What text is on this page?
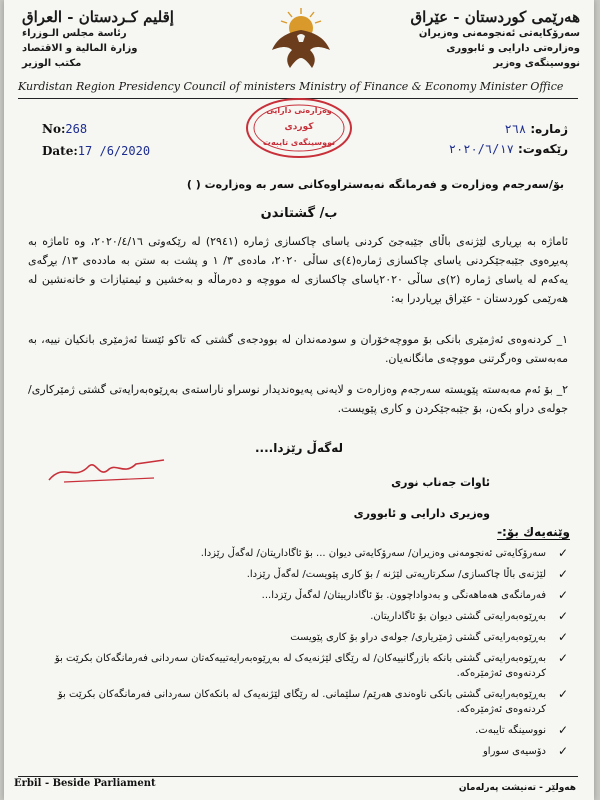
هەرێمی كوردستان - عێراق
سەرۆکایەتی ئەنجومەنی وەزیران
وەزارەتی دارایی و ئابووری
نووسینگەی وەزیر
إقليم كـردستان - العراق
رئاسة مجلس الـوزراء
وزارة المالية و الاقتصاد
مكتب الوزير
Kurdistan Region Presidency Council of ministers Ministry of Finance & Economy Minister Office
وەزارەتی دارایی
كوردی
نووسینگەی تایبەت
No:268
Date:17 /6/2020
ژمارە: ٢٦٨
رێکەوت: ٢٠٢٠/٦/١٧
بۆ/سەرجەم وەزارەت و فەرمانگە نەبەستراوەکانی سەر بە وەزارەت ( )
ب/ گشتاندن
ئاماژە بە بڕیاری لێژنەی باڵای جێبەجێ کردنی یاسای چاکسازی ژمارە (٢٩٤١) لە رێکەوتی ٢٠٢٠/٤/١٦، وە ئاماژە بە پەیڕەوی جێبەجێکردنی یاسای چاکسازی ژمارە(٤)ی ساڵی ٢٠٢٠، مادەی ٣/ ١ و پشت بە ستن بە ماددەی ١٣/ بڕگەی یەکەم لە یاسای ژمارە (٢)ی ساڵی ٢٠٢٠یاسای چاکسازی لە مووچە و دەرماڵە و بەخشین و ئیمتیازات و خانەنشین لە هەرێمی کوردستان - عێراق بڕیاردرا بە:
١_ کردنەوەی ئەژمێری بانکی بۆ مووچەخۆران و سودمەندان لە بوودجەی گشتی کە تاکو ئێستا ئەژمێری بانکیان نییە، بە مەبەستی وەرگرتنی مووچەی مانگانەیان.
٢_ بۆ ئەم مەبەستە پێویستە سەرجەم وەزارەت و لایەنی پەیوەندیدار نوسراو ناراستەی بەڕێوەبەرایەتی گشتی ژمێرکاری/ جولەی دراو بکەن، بۆ جێبەجێکردن و کاری پێویست.
لەگەڵ رێزدا....
ئاوات جەناب نوری
وەزیری دارایی و ئابووری
وێنەیەك بۆ:-
✓
سەرۆکایەتی ئەنجومەنی وەزیران/ سەرۆکایەتی دیوان ... بۆ ئاگاداریتان/ لەگەڵ رێزدا.
✓
لێژنەی باڵا چاکسازی/ سکرتاریەتی لێژنە / بۆ کاری پێویست/ لەگەڵ رێزدا.
✓
فەرمانگەی هەماهەنگی و بەدواداچوون. بۆ ئاگادارییتان/ لەگەڵ رێزدا...
✓
بەڕێوەبەرایەتی گشتی دیوان بۆ ئاگاداریتان.
✓
بەڕێوەبەرایەتی گشتی ژمێریاری/ جولەی دراو بۆ کاری پێویست
✓
بەڕێوەبەرایەتی گشتی بانکە بازرگانییەکان/ لە رێگای لێژنەیەک لە بەڕێوەبەرایەتییەکەتان سەردانی فەرمانگەکان بکرێت بۆ کردنەوەی ئەژمێرەکە.
✓
بەڕێوەبەرایەتی گشتی بانکی ناوەندی هەرێم/ سلێمانی. لە رێگای لێژنەیەک لە بانکەکان سەردانی فەرمانگەکان بکرێت بۆ کردنەوەی ئەژمێرەکە.
✓
نووسینگە تایبەت.
✓
دۆسیەی سوراو
Erbil - Beside Parliament	هەولێر - تەنیشت پەرلەمان
